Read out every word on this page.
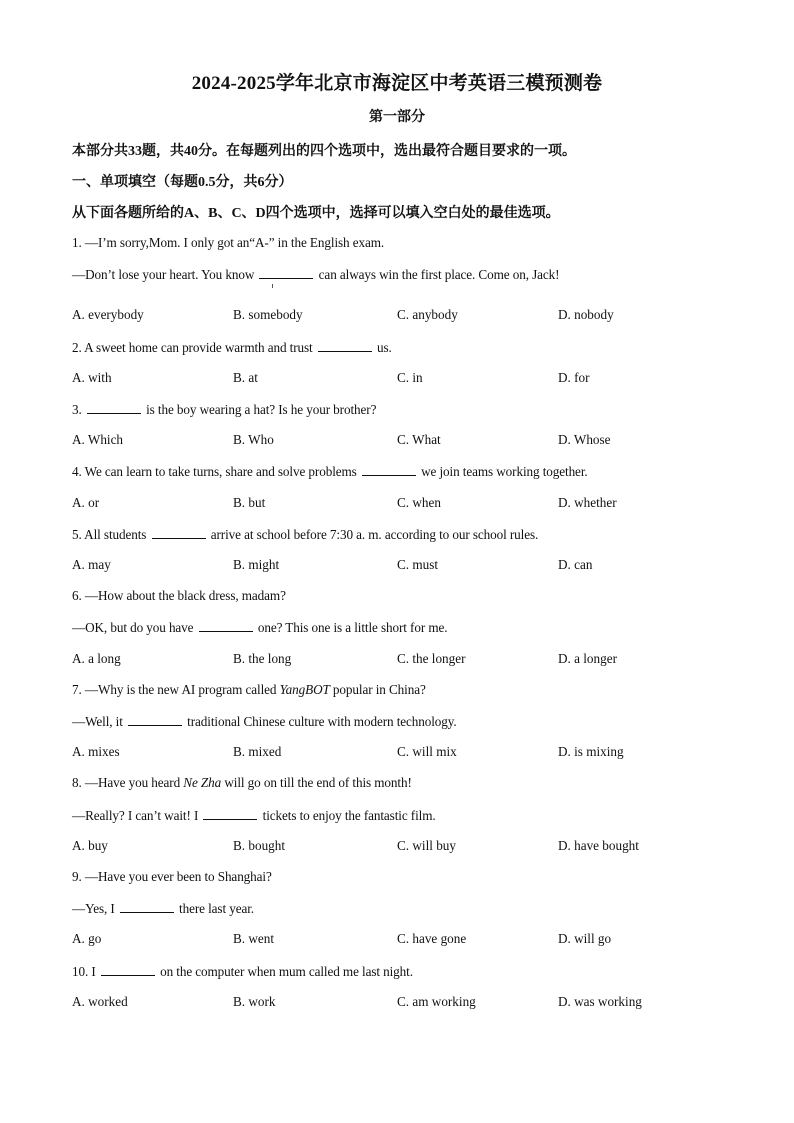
2024-2025学年北京市海淀区中考英语三模预测卷
第一部分
本部分共33题，共40分。在每题列出的四个选项中，选出最符合题目要求的一项。
一、单项填空（每题0.5分，共6分）
从下面各题所给的A、B、C、D四个选项中，选择可以填入空白处的最佳选项。
1. —I’m sorry,Mom. I only got an“A-” in the English exam.
—Don’t lose your heart. You know	can always win the first place. Come on, Jack!
A. everybody	B. somebody	C. anybody	D. nobody
2. A sweet home can provide warmth and trust	us.
A. with	B. at	C. in	D. for
3.	is the boy wearing a hat? Is he your brother?
A. Which	B. Who	C. What	D. Whose
4. We can learn to take turns, share and solve problems	we join teams working together.
A. or	B. but	C. when	D. whether
5. All students	arrive at school before 7:30 a. m. according to our school rules.
A. may	B. might	C. must	D. can
6. —How about the black dress, madam?
—OK, but do you have	one? This one is a little short for me.
A. a long	B. the long	C. the longer	D. a longer
7. —Why is the new AI program called YangBOT popular in China?
—Well, it	traditional Chinese culture with modern technology.
A. mixes	B. mixed	C. will mix	D. is mixing
8. —Have you heard Ne Zha will go on till the end of this month!
—Really? I can’t wait! I	tickets to enjoy the fantastic film.
A. buy	B. bought	C. will buy	D. have bought
9. —Have you ever been to Shanghai?
—Yes, I	there last year.
A. go	B. went	C. have gone	D. will go
10. I	on the computer when mum called me last night.
A. worked	B. work	C. am working	D. was working
